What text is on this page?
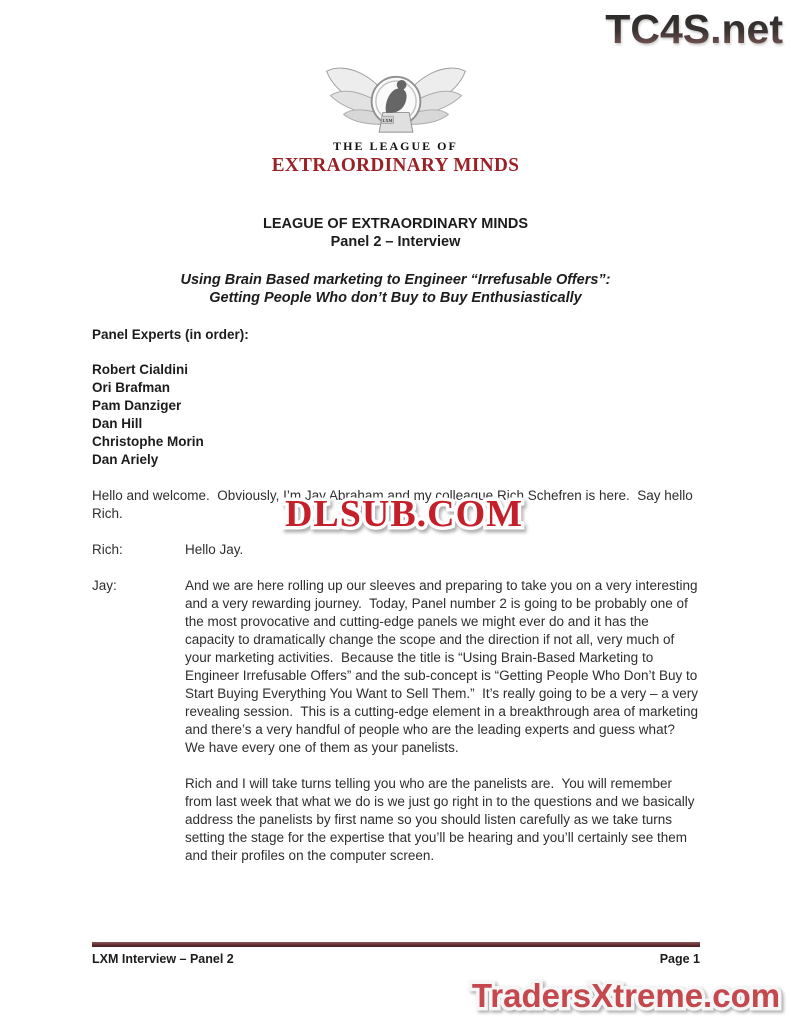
TC4S.net
LXM
THE LEAGUE OF
EXTRAORDINARY MINDS
LEAGUE OF EXTRAORDINARY MINDS
Panel 2 – Interview
Using Brain Based marketing to Engineer “Irrefusable Offers”:
Getting People Who don’t Buy to Buy Enthusiastically
Panel Experts (in order):
Robert Cialdini
Ori Brafman
Pam Danziger
Dan Hill
Christophe Morin
Dan Ariely
Hello and welcome.  Obviously, I’m Jay Abraham and my colleague Rich Schefren is here.  Say hello Rich.
Rich:	Hello Jay.
Jay:	And we are here rolling up our sleeves and preparing to take you on a very interesting and a very rewarding journey.  Today, Panel number 2 is going to be probably one of the most provocative and cutting-edge panels we might ever do and it has the capacity to dramatically change the scope and the direction if not all, very much of your marketing activities.  Because the title is “Using Brain-Based Marketing to Engineer Irrefusable Offers” and the sub-concept is “Getting People Who Don’t Buy to Start Buying Everything You Want to Sell Them.”  It’s really going to be a very – a very revealing session.  This is a cutting-edge element in a breakthrough area of marketing and there’s a very handful of people who are the leading experts and guess what?  We have every one of them as your panelists.
Rich and I will take turns telling you who are the panelists are.  You will remember from last week that what we do is we just go right in to the questions and we basically address the panelists by first name so you should listen carefully as we take turns setting the stage for the expertise that you’ll be hearing and you’ll certainly see them and their profiles on the computer screen.
LXM Interview – Panel 2	Page 1
DLSUB.COM
TradersXtreme.com
